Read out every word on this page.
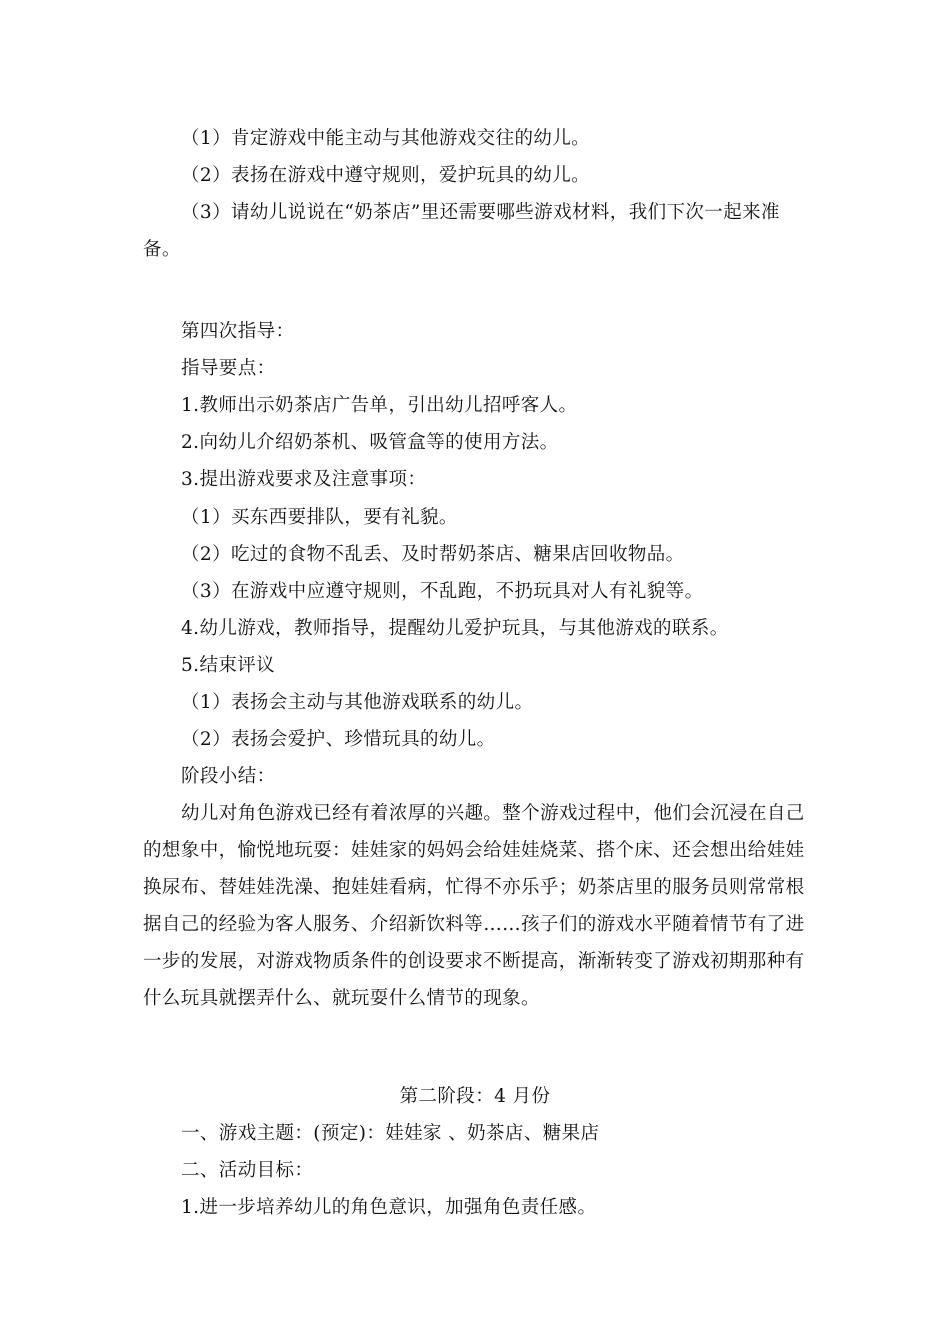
（1）肯定游戏中能主动与其他游戏交往的幼儿。
（2）表扬在游戏中遵守规则，爱护玩具的幼儿。
（3）请幼儿说说在“奶茶店”里还需要哪些游戏材料，我们下次一起来准
备。
第四次指导：
指导要点：
1.教师出示奶茶店广告单，引出幼儿招呼客人。
2.向幼儿介绍奶茶机、吸管盒等的使用方法。
3.提出游戏要求及注意事项：
（1）买东西要排队，要有礼貌。
（2）吃过的食物不乱丢、及时帮奶茶店、糖果店回收物品。
（3）在游戏中应遵守规则，不乱跑，不扔玩具对人有礼貌等。
4.幼儿游戏，教师指导，提醒幼儿爱护玩具，与其他游戏的联系。
5.结束评议
（1）表扬会主动与其他游戏联系的幼儿。
（2）表扬会爱护、珍惜玩具的幼儿。
阶段小结：
幼儿对角色游戏已经有着浓厚的兴趣。整个游戏过程中，他们会沉浸在自己
的想象中，愉悦地玩耍：娃娃家的妈妈会给娃娃烧菜、搭个床、还会想出给娃娃
换尿布、替娃娃洗澡、抱娃娃看病，忙得不亦乐乎；奶茶店里的服务员则常常根
据自己的经验为客人服务、介绍新饮料等……孩子们的游戏水平随着情节有了进
一步的发展，对游戏物质条件的创设要求不断提高，渐渐转变了游戏初期那种有
什么玩具就摆弄什么、就玩耍什么情节的现象。
第二阶段：4 月份
一、游戏主题：(预定)：娃娃家 、奶茶店、糖果店
二、活动目标：
1.进一步培养幼儿的角色意识，加强角色责任感。
